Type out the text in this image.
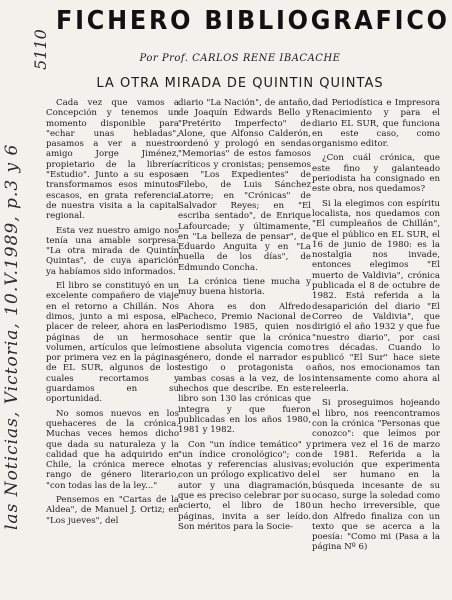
FICHERO BIBLIOGRAFICO
Por Prof. CARLOS RENE IBACACHE
LA OTRA MIRADA DE QUINTIN QUINTAS

Cada vez que vamos a Concepción y tenemos un momento disponible para "echar unas hebladas", pasamos a ver a nuestro amigo Jorge Jiménez, propietario de la librería "Estudio". Junto a su esposa transformamos esos minutos escasos, en grata referencia de nuestra visita a la capital regional.

Esta vez nuestro amigo nos tenía una amable sorpresa: "La otra mirada de Quintín Quintas", de cuya aparición ya habíamos sido informados.

El libro se constituyó en un excelente compañero de viaje en el retorno a Chillán. Nos dimos, junto a mi esposa, el placer de releer, ahora en las páginas de un hermoso volumen, artículos que leímos por primera vez en la páginas de EL SUR, algunos de los cuales recortamos y guardamos en su oportunidad.

No somos nuevos en los quehaceres de la crónica. Muchas veces hemos dicho que dada su naturaleza y la calidad que ha adquirido en Chile, la crónica merece el rango de género literario, "con todas las de la ley..."

Pensemos en "Cartas de la Aldea", de Manuel J. Ortiz; en "Los jueves", del

diario "La Nación", de antaño, de Joaquín Edwards Bello y "Pretérito Imperfecto" de Alone, que Alfonso Calderón, ordenó y prologó en sendas "Memorias" de estos famosos críticos y cronistas; pensemos en "Los Expedientes" de Filebo, de Luis Sánchez Latorre; en "Crónicas" de Salvador Reyes; en "El escriba sentado", de Enrique Lafourcade; y últimamente, en "La belleza de pensar", de Eduardo Anguita y en "La huella de los días", de Edmundo Concha.

La crónica tiene mucha y muy buena historia.

Ahora es don Alfredo Pacheco, Premio Nacional de Periodismo 1985, quien nos hace sentir que la crónica tiene absoluta vigencia como género, donde el narrador es testigo o protagonista o ambas cosas a la vez, de los hechos que describe. En este libro son 130 las crónicas que integra y que fueron publicadas en los años 1980, 1981 y 1982.

Con "un índice temático" y "un índice cronológico"; con notas y referencias alusivas; con un prólogo explicativo del autor y una diagramación, que es preciso celebrar por su acierto, el libro de 180 páginas, invita a ser leído. Son méritos para la Socie-

dad Periodística e Impresora Renacimiento y para el diario EL SUR, que funciona en este caso, como organismo editor.

¿Con cuál crónica, que este fino y galanteado periodista ha consignado en este obra, nos quedamos?

Si la elegimos con espíritu localista, nos quedamos con "El cumpleaños de Chillán", que el público en EL SUR, el 16 de junio de 1980: es la nostalgia nos invade, entonces elegimos "El muerto de Valdivia", crónica publicada el 8 de octubre de 1982. Está referida a la desaparición del diario "El Correo de Valdivia", que dirigió el año 1932 y que fue "nuestro diario", por casi tres décadas. Cuando lo publicó "El Sur" hace siete años, nos emocionamos tan intensamente como ahora al releerla.

Si proseguimos hojeando el libro, nos reencontramos con la crónica "Personas que conozco": que leímos por primera vez el 16 de marzo de 1981. Referida a la evolución que experimenta el ser humano en la búsqueda incesante de su ocaso, surge la soledad como un hecho irreversible, que don Alfredo finaliza con un texto que se acerca a la poesía: "Como mi (Pasa a la página Nº 6)

las Noticias, Victoria, 10.V.1989, p.3 y 6
5110
